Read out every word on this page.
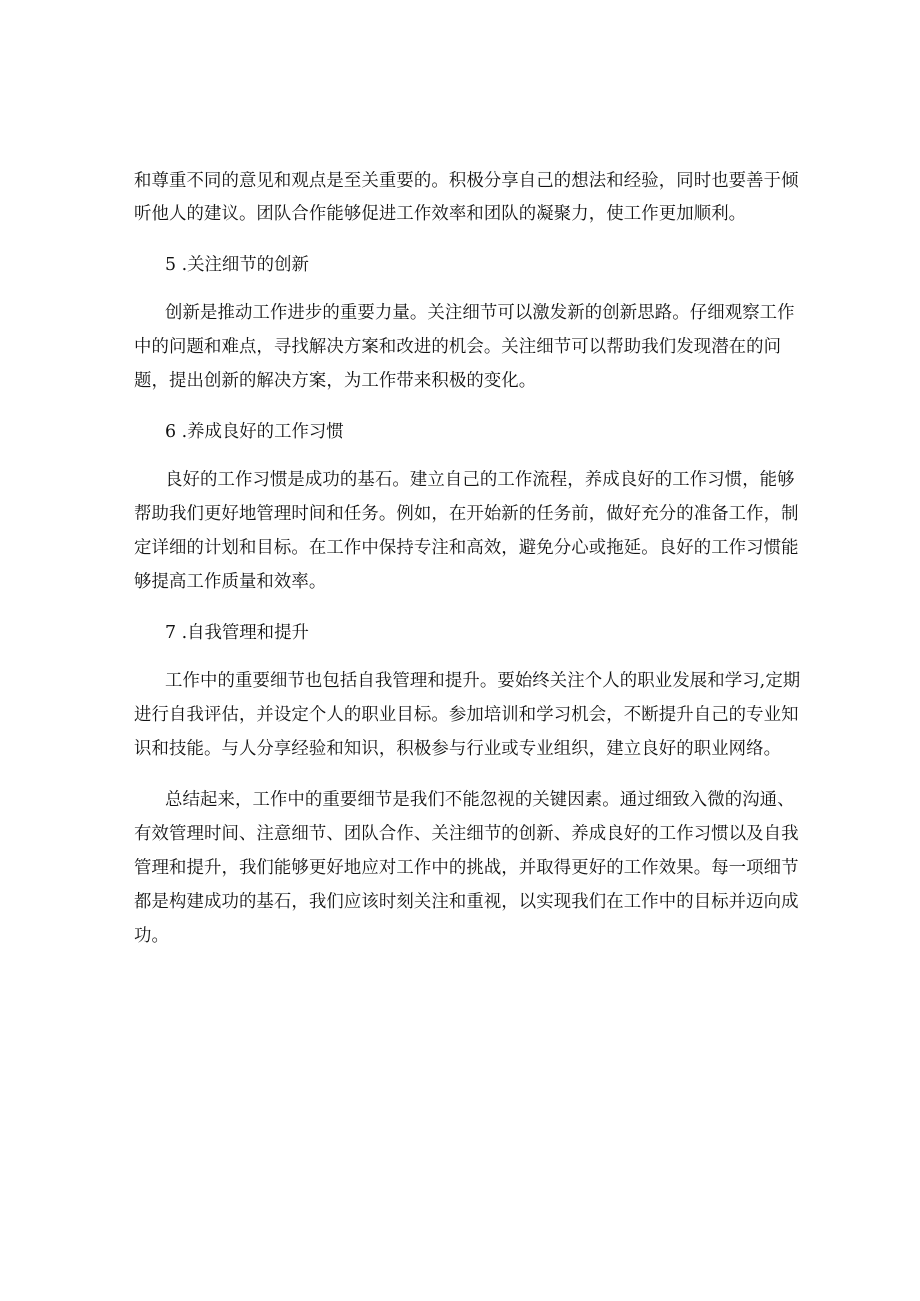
和尊重不同的意见和观点是至关重要的。积极分享自己的想法和经验，同时也要善于倾

听他人的建议。团队合作能够促进工作效率和团队的凝聚力，使工作更加顺利。

5 .关注细节的创新

创新是推动工作进步的重要力量。关注细节可以激发新的创新思路。仔细观察工作

中的问题和难点，寻找解决方案和改进的机会。关注细节可以帮助我们发现潜在的问

题，提出创新的解决方案，为工作带来积极的变化。

6 .养成良好的工作习惯

良好的工作习惯是成功的基石。建立自己的工作流程，养成良好的工作习惯，能够

帮助我们更好地管理时间和任务。例如，在开始新的任务前，做好充分的准备工作，制

定详细的计划和目标。在工作中保持专注和高效，避免分心或拖延。良好的工作习惯能

够提高工作质量和效率。

7 .自我管理和提升

工作中的重要细节也包括自我管理和提升。要始终关注个人的职业发展和学习,定期

进行自我评估，并设定个人的职业目标。参加培训和学习机会，不断提升自己的专业知

识和技能。与人分享经验和知识，积极参与行业或专业组织，建立良好的职业网络。

总结起来，工作中的重要细节是我们不能忽视的关键因素。通过细致入微的沟通、

有效管理时间、注意细节、团队合作、关注细节的创新、养成良好的工作习惯以及自我

管理和提升，我们能够更好地应对工作中的挑战，并取得更好的工作效果。每一项细节

都是构建成功的基石，我们应该时刻关注和重视，以实现我们在工作中的目标并迈向成

功。
